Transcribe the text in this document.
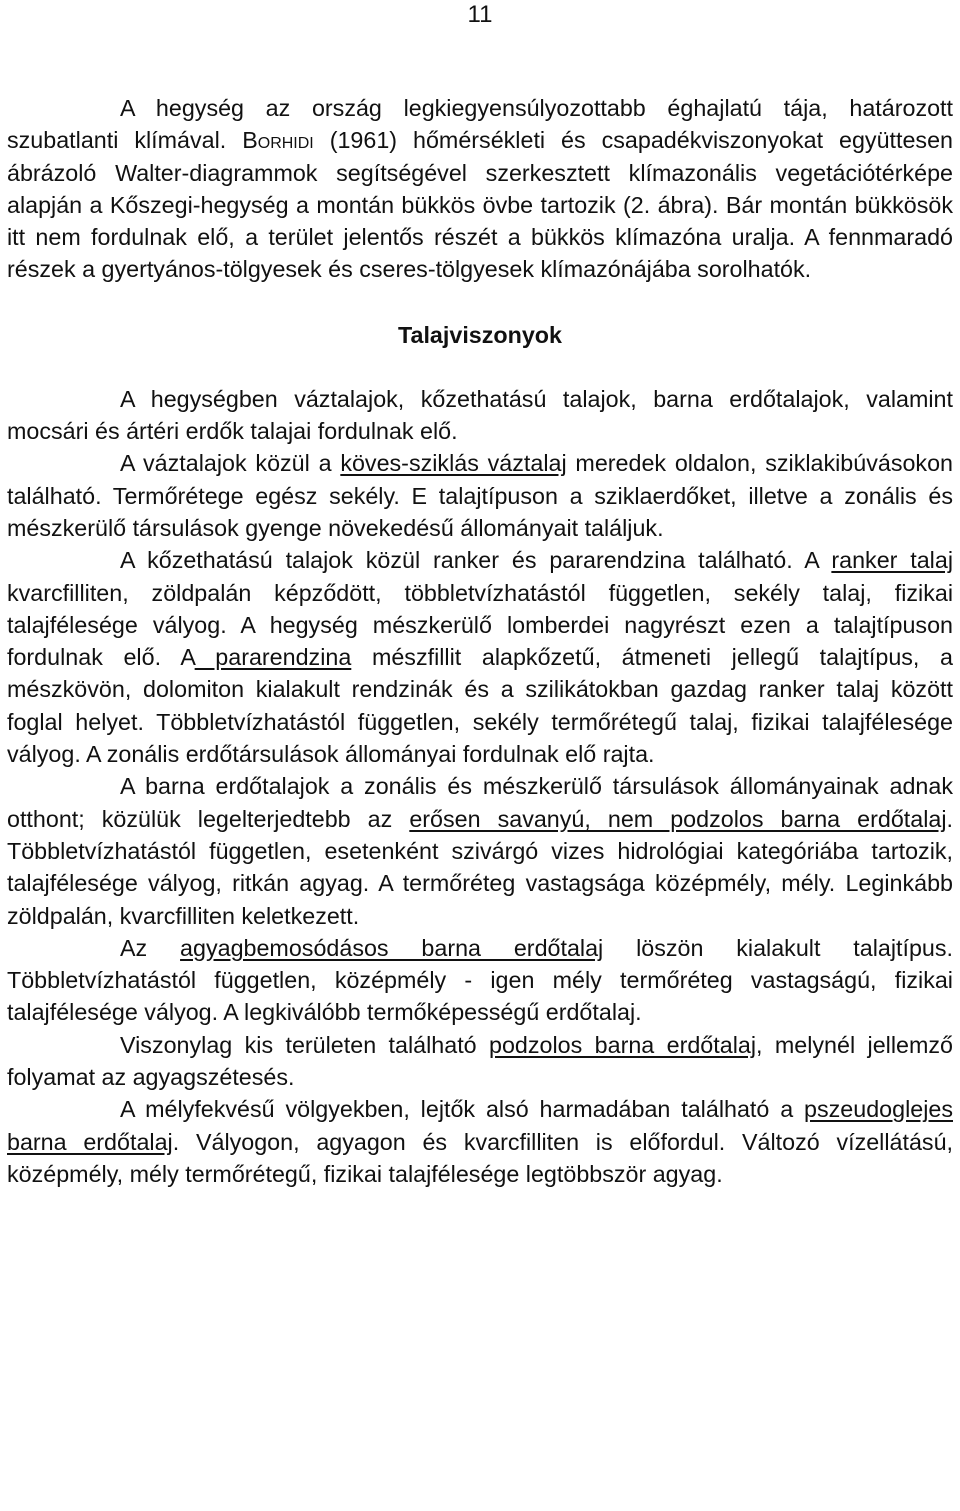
11

A hegység az ország legkiegyensúlyozottabb éghajlatú tája, határozott szubatlanti klímával. Borhidi (1961) hőmérsékleti és csapadékviszonyokat együttesen ábrázoló Walter-diagrammok segítségével szerkesztett klímazonális vegetációtérképe alapján a Kőszegi-hegység a montán bükkös övbe tartozik (2. ábra). Bár montán bükkösök itt nem fordulnak elő, a terület jelentős részét a bükkös klímazóna uralja. A fennmaradó részek a gyertyános-tölgyesek és cseres-tölgyesek klímazónájába sorolhatók.

Talajviszonyok

A hegységben váztalajok, kőzethatású talajok, barna erdőtalajok, valamint mocsári és ártéri erdők talajai fordulnak elő.

A váztalajok közül a köves-sziklás váztalaj meredek oldalon, sziklakibúvásokon található. Termőrétege egész sekély. E talajtípuson a sziklaerdőket, illetve a zonális és mészkerülő társulások gyenge növekedésű állományait találjuk.

A kőzethatású talajok közül ranker és pararendzina található. A ranker talaj kvarcfilliten, zöldpalán képződött, többletvízhatástól független, sekély talaj, fizikai talajfélesége vályog. A hegység mészkerülő lomberdei nagyrészt ezen a talajtípuson fordulnak elő. A pararendzina mészfillit alapkőzetű, átmeneti jellegű talajtípus, a mészkövön, dolomiton kialakult rendzinák és a szilikátokban gazdag ranker talaj között foglal helyet. Többletvízhatástól független, sekély termőrétegű talaj, fizikai talajfélesége vályog. A zonális erdőtársulások állományai fordulnak elő rajta.

A barna erdőtalajok a zonális és mészkerülő társulások állományainak adnak otthont; közülük legelterjedtebb az erősen savanyú, nem podzolos barna erdőtalaj. Többletvízhatástól független, esetenként szivárgó vizes hidrológiai kategóriába tartozik, talajfélesége vályog, ritkán agyag. A termőréteg vastagsága középmély, mély. Leginkább zöldpalán, kvarcfilliten keletkezett.

Az agyagbemosódásos barna erdőtalaj löszön kialakult talajtípus. Többletvízhatástól független, középmély - igen mély termőréteg vastagságú, fizikai talajfélesége vályog. A legkiválóbb termőképességű erdőtalaj.

Viszonylag kis területen található podzolos barna erdőtalaj, melynél jellemző folyamat az agyagszétesés.

A mélyfekvésű völgyekben, lejtők alsó harmadában található a pszeudoglejes barna erdőtalaj. Vályogon, agyagon és kvarcfilliten is előfordul. Változó vízellátású, középmély, mély termőrétegű, fizikai talajfélesége legtöbbször agyag.
